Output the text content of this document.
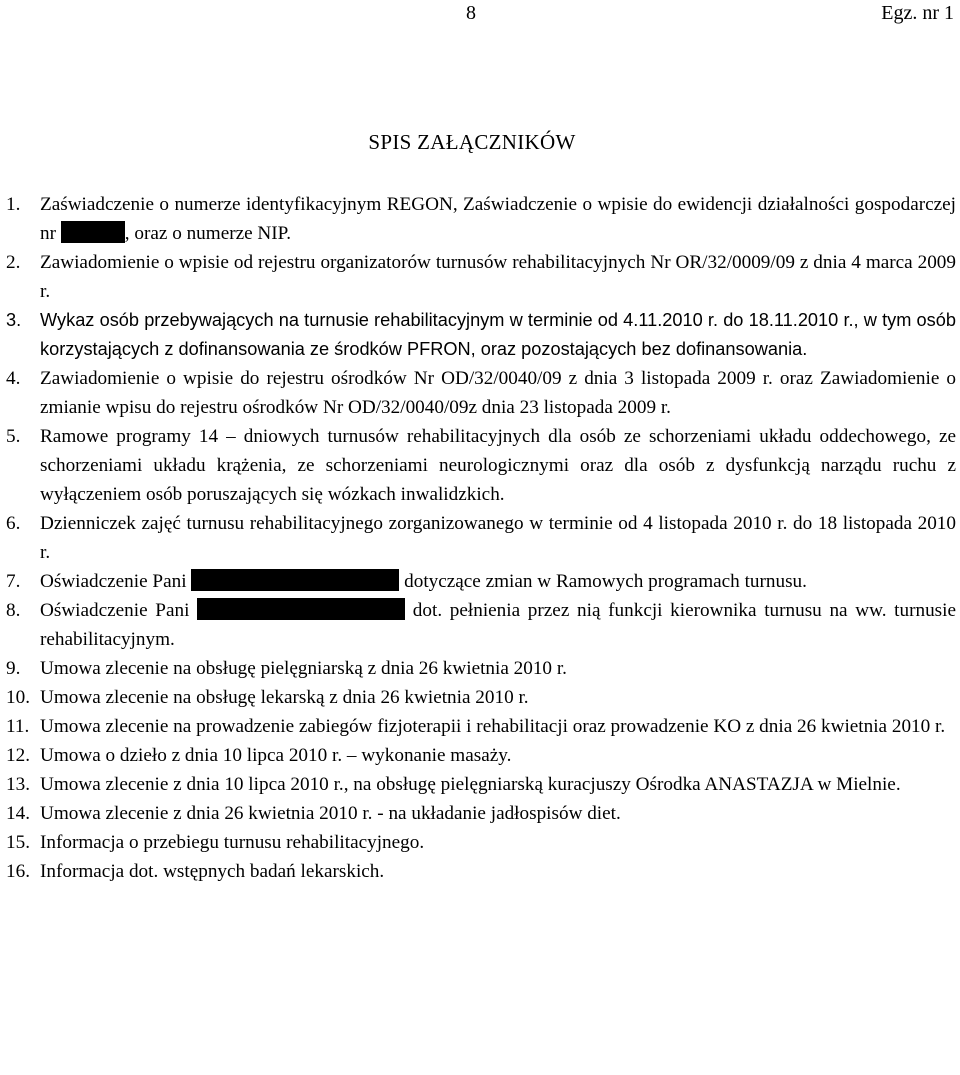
8	Egz. nr 1
SPIS ZAŁĄCZNIKÓW
1.	Zaświadczenie o numerze identyfikacyjnym REGON, Zaświadczenie o wpisie do ewidencji działalności gospodarczej nr	, oraz o numerze NIP.
2.	Zawiadomienie o wpisie od rejestru organizatorów turnusów rehabilitacyjnych Nr OR/32/0009/09 z dnia 4 marca 2009 r.
3.	Wykaz osób przebywających na turnusie rehabilitacyjnym w terminie od 4.11.2010 r. do 18.11.2010 r., w tym osób korzystających z dofinansowania ze środków PFRON, oraz pozostających bez dofinansowania.
4.	Zawiadomienie o wpisie do rejestru ośrodków Nr OD/32/0040/09 z dnia 3 listopada 2009 r. oraz Zawiadomienie o zmianie wpisu do rejestru ośrodków Nr OD/32/0040/09z dnia 23 listopada 2009 r.
5.	Ramowe programy 14 – dniowych turnusów rehabilitacyjnych dla osób ze schorzeniami układu oddechowego, ze schorzeniami układu krążenia, ze schorzeniami neurologicznymi oraz dla osób z dysfunkcją narządu ruchu z wyłączeniem osób poruszających się wózkach inwalidzkich.
6.	Dzienniczek zajęć turnusu rehabilitacyjnego zorganizowanego w terminie od 4 listopada 2010 r. do 18 listopada 2010 r.
7.	Oświadczenie Pani	dotyczące zmian w Ramowych programach turnusu.
8.	Oświadczenie Pani	dot. pełnienia przez nią funkcji kierownika turnusu na ww. turnusie rehabilitacyjnym.
9.	Umowa zlecenie na obsługę pielęgniarską z dnia 26 kwietnia 2010 r.
10. Umowa zlecenie na obsługę lekarską z dnia 26 kwietnia 2010 r.
11. Umowa zlecenie na prowadzenie zabiegów fizjoterapii i rehabilitacji oraz prowadzenie KO z dnia 26 kwietnia 2010 r.
12. Umowa o dzieło z dnia 10 lipca 2010 r. – wykonanie masaży.
13. Umowa zlecenie z dnia 10 lipca 2010 r., na obsługę pielęgniarską kuracjuszy Ośrodka ANASTAZJA w Mielnie.
14. Umowa zlecenie z dnia 26 kwietnia 2010 r. - na układanie jadłospisów diet.
15. Informacja o przebiegu turnusu rehabilitacyjnego.
16. Informacja dot. wstępnych badań lekarskich.
